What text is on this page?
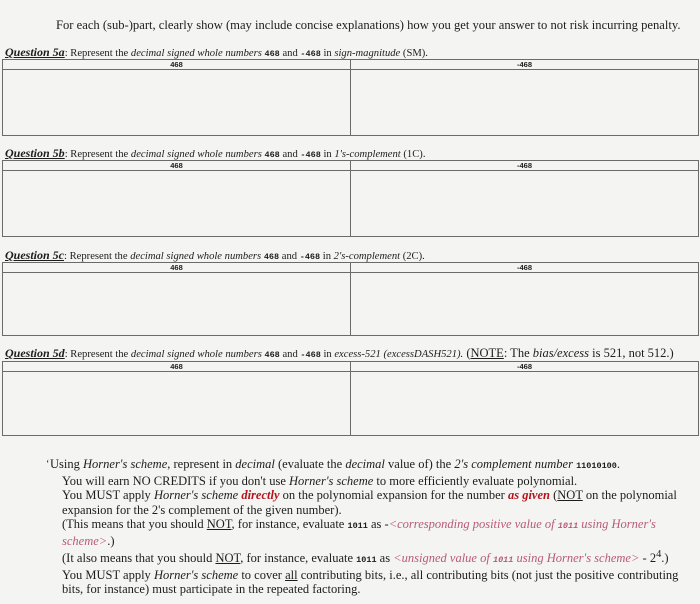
For each (sub-)part, clearly show (may include concise explanations) how you get your answer to not risk incurring penalty.
Question 5a: Represent the decimal signed whole numbers 468 and -468 in sign-magnitude (SM).
468	-468

Question 5b: Represent the decimal signed whole numbers 468 and -468 in 1's-complement (1C).
468	-468

Question 5c: Represent the decimal signed whole numbers 468 and -468 in 2's-complement (2C).
468	-468

Question 5d: Represent the decimal signed whole numbers 468 and -468 in excess-521 (excessDASH521). (NOTE: The bias/excess is 521, not 512.)
468	-468

ʻ Using Horner's scheme, represent in decimal (evaluate the decimal value of) the 2's complement number 11010100.

You will earn NO CREDITS if you don't use Horner's scheme to more efficiently evaluate polynomial.

You MUST apply Horner's scheme directly on the polynomial expansion for the number as given (NOT on the polynomial expansion for the 2's complement of the given number).

(This means that you should NOT, for instance, evaluate 1011 as -<corresponding positive value of 1011 using Horner's scheme>.)

(It also means that you should NOT, for instance, evaluate 1011 as <unsigned value of 1011 using Horner's scheme> - $2^4$.)

You MUST apply Horner's scheme to cover all contributing bits, i.e., all contributing bits (not just the positive contributing bits, for instance) must participate in the repeated factoring.
